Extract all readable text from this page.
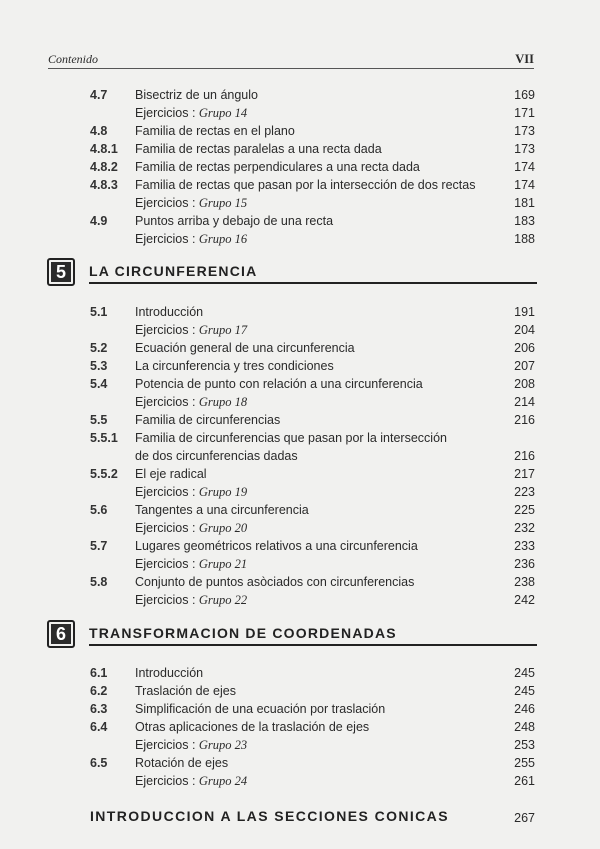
Contenido	VII
4.7 Bisectriz de un ángulo	169
Ejercicios : Grupo 14	171
4.8 Familia de rectas en el plano	173
4.8.1 Familia de rectas paralelas a una recta dada	173
4.8.2 Familia de rectas perpendiculares a una recta dada	174
4.8.3 Familia de rectas que pasan por la intersección de dos rectas	174
Ejercicios : Grupo 15	181
4.9 Puntos arriba y debajo de una recta	183
Ejercicios : Grupo 16	188
5	LA CIRCUNFERENCIA
5.1 Introducción	191
Ejercicios : Grupo 17	204
5.2 Ecuación general de una circunferencia	206
5.3 La circunferencia y tres condiciones	207
5.4 Potencia de punto con relación a una circunferencia	208
Ejercicios : Grupo 18	214
5.5 Familia de circunferencias	216
5.5.1 Familia de circunferencias que pasan por la intersección
de dos circunferencias dadas	216
5.5.2 El eje radical	217
Ejercicios : Grupo 19	223
5.6 Tangentes a una circunferencia	225
Ejercicios : Grupo 20	232
5.7 Lugares geométricos relativos a una circunferencia	233
Ejercicios : Grupo 21	236
5.8 Conjunto de puntos asòciados con circunferencias	238
Ejercicios : Grupo 22	242
6	TRANSFORMACION DE COORDENADAS
6.1 Introducción	245
6.2 Traslación de ejes	245
6.3 Simplificación de una ecuación por traslación	246
6.4 Otras aplicaciones de la traslación de ejes	248
Ejercicios : Grupo 23	253
6.5 Rotación de ejes	255
Ejercicios : Grupo 24	261
INTRODUCCION A LAS SECCIONES CONICAS	267
